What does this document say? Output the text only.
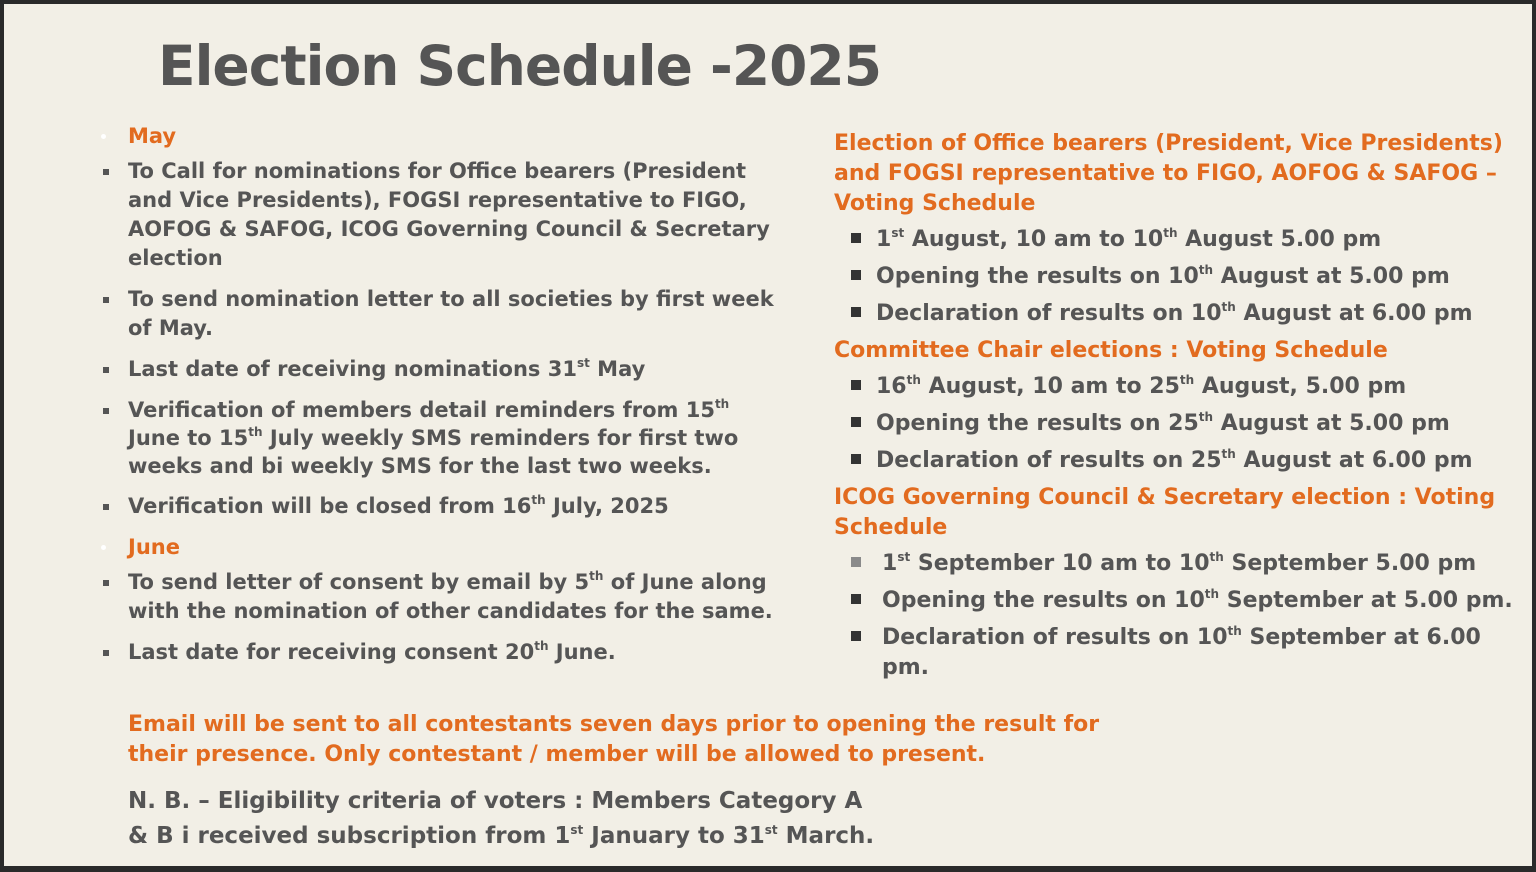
Election Schedule -2025
May
To Call for nominations for Office bearers (President and Vice Presidents), FOGSI representative to FIGO, AOFOG & SAFOG, ICOG Governing Council & Secretary election
To send nomination letter to all societies by first week of May.
Last date of receiving nominations 31st May
Verification of members detail reminders from 15th June to 15th July weekly SMS reminders for first two weeks and bi weekly SMS for the last two weeks.
Verification will be closed from 16th July, 2025
June
To send letter of consent by email by 5th of June along with the nomination of other candidates for the same.
Last date for receiving consent 20th June.
Election of Office bearers (President, Vice Presidents) and FOGSI representative to FIGO, AOFOG & SAFOG – Voting Schedule
1st August, 10 am to 10th August 5.00 pm
Opening the results on 10th August at 5.00 pm
Declaration of results on 10th August at 6.00 pm
Committee Chair elections : Voting Schedule
16th August, 10 am to 25th August, 5.00 pm
Opening the results on 25th August at 5.00 pm
Declaration of results on 25th August at 6.00 pm
ICOG Governing Council & Secretary election : Voting Schedule
1st September 10 am to 10th September 5.00 pm
Opening the results on 10th September at 5.00 pm.
Declaration of results on 10th September at 6.00 pm.
Email will be sent to all contestants seven days prior to opening the result for their presence. Only contestant / member will be allowed to present.
N. B. – Eligibility criteria of voters : Members Category A & B i received subscription from 1st January to 31st March.
